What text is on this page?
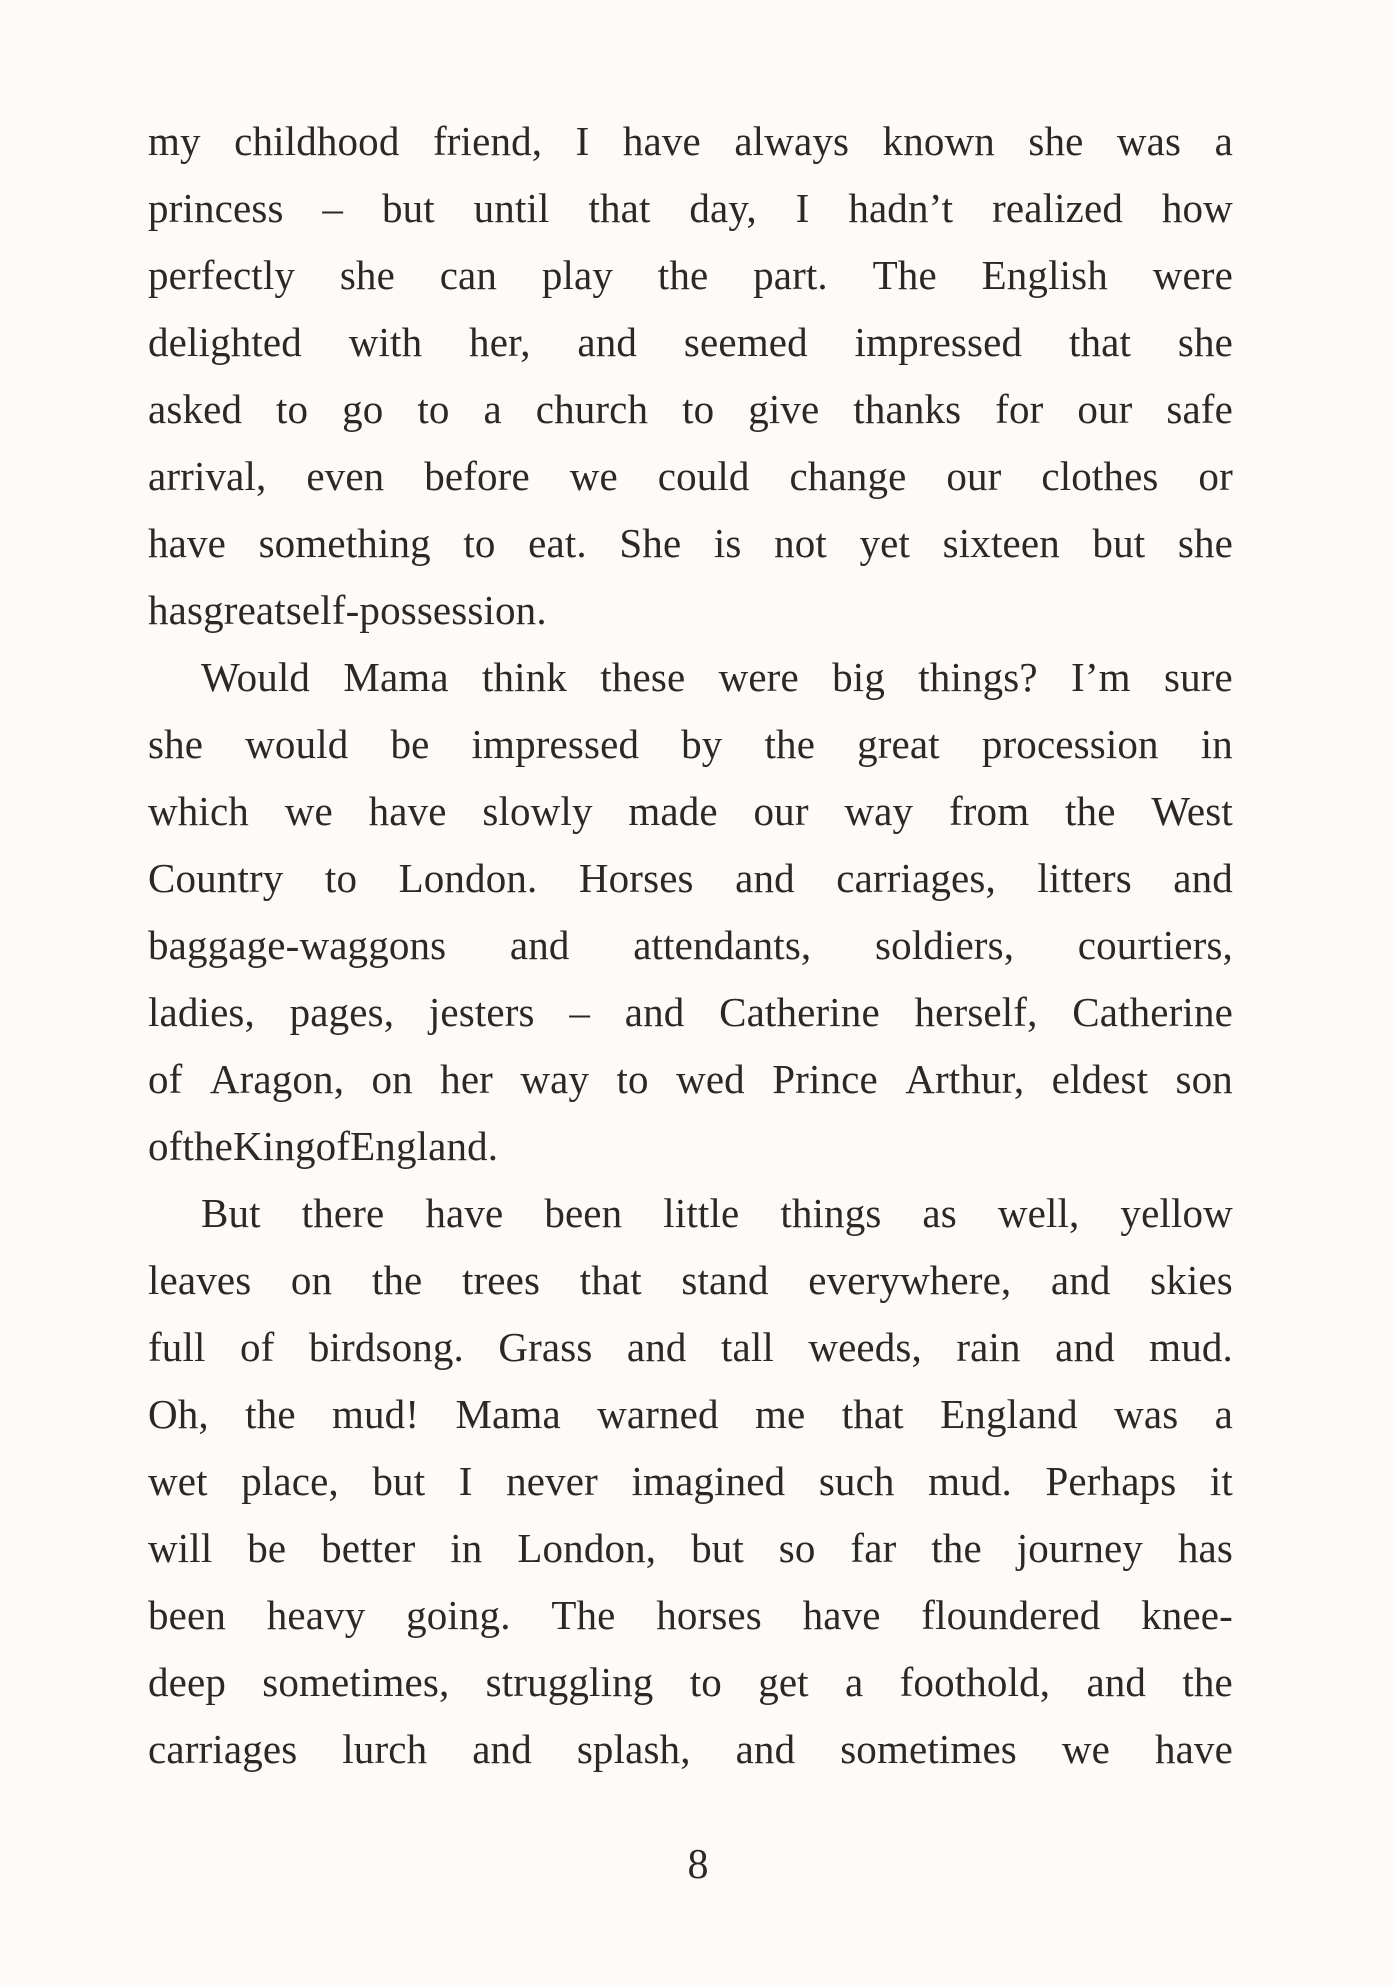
my childhood friend, I have always known she was a
princess – but until that day, I hadn’t realized how
perfectly she can play the part. The English were
delighted with her, and seemed impressed that she
asked to go to a church to give thanks for our safe
arrival, even before we could change our clothes or
have something to eat. She is not yet sixteen but she
has great self-possession.
Would Mama think these were big things? I’m sure
she would be impressed by the great procession in
which we have slowly made our way from the West
Country to London. Horses and carriages, litters and
baggage-waggons and attendants, soldiers, courtiers,
ladies, pages, jesters – and Catherine herself, Catherine
of Aragon, on her way to wed Prince Arthur, eldest son
of the King of England.
But there have been little things as well, yellow
leaves on the trees that stand everywhere, and skies
full of birdsong. Grass and tall weeds, rain and mud.
Oh, the mud! Mama warned me that England was a
wet place, but I never imagined such mud. Perhaps it
will be better in London, but so far the journey has
been heavy going. The horses have floundered knee-
deep sometimes, struggling to get a foothold, and the
carriages lurch and splash, and sometimes we have
8
